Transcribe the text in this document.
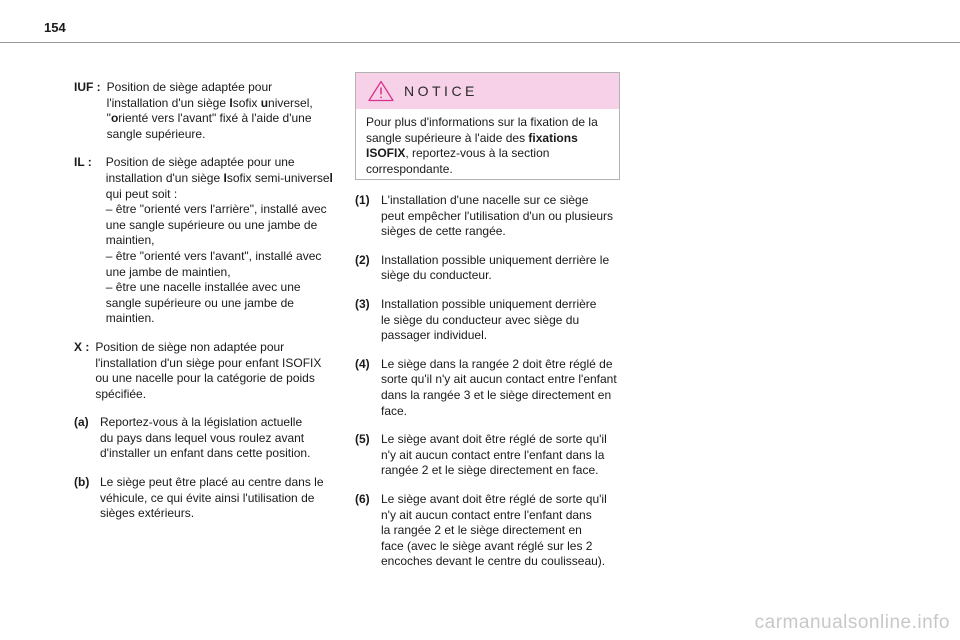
154
IUF : Position de siège adaptée pour

l'installation d'un siège Isofix universel,

"orienté vers l'avant" fixé à l'aide d'une

sangle supérieure.

IL : Position de siège adaptée pour une

installation d'un siège Isofix semi-universel

qui peut soit :

– être "orienté vers l'arrière", installé avec

une sangle supérieure ou une jambe de

maintien,

– être "orienté vers l'avant", installé avec

une jambe de maintien,

– être une nacelle installée avec une

sangle supérieure ou une jambe de

maintien.

X : Position de siège non adaptée pour

l'installation d'un siège pour enfant ISOFIX

ou une nacelle pour la catégorie de poids

spécifiée.

(a) Reportez-vous à la législation actuelle

du pays dans lequel vous roulez avant

d'installer un enfant dans cette position.

(b) Le siège peut être placé au centre dans le

véhicule, ce qui évite ainsi l'utilisation de

sièges extérieurs.

NOTICE
Pour plus d'informations sur la fixation de la sangle supérieure à l'aide des fixations ISOFIX, reportez-vous à la section correspondante.
(1) L'installation d'une nacelle sur ce siège

peut empêcher l'utilisation d'un ou plusieurs

sièges de cette rangée.

(2) Installation possible uniquement derrière le

siège du conducteur.

(3) Installation possible uniquement derrière

le siège du conducteur avec siège du

passager individuel.

(4) Le siège dans la rangée 2 doit être réglé de

sorte qu'il n'y ait aucun contact entre l'enfant

dans la rangée 3 et le siège directement en

face.

(5) Le siège avant doit être réglé de sorte qu'il

n'y ait aucun contact entre l'enfant dans la

rangée 2 et le siège directement en face.

(6) Le siège avant doit être réglé de sorte qu'il

n'y ait aucun contact entre l'enfant dans

la rangée 2 et le siège directement en

face (avec le siège avant réglé sur les 2

encoches devant le centre du coulisseau).

carmanualsonline.info
